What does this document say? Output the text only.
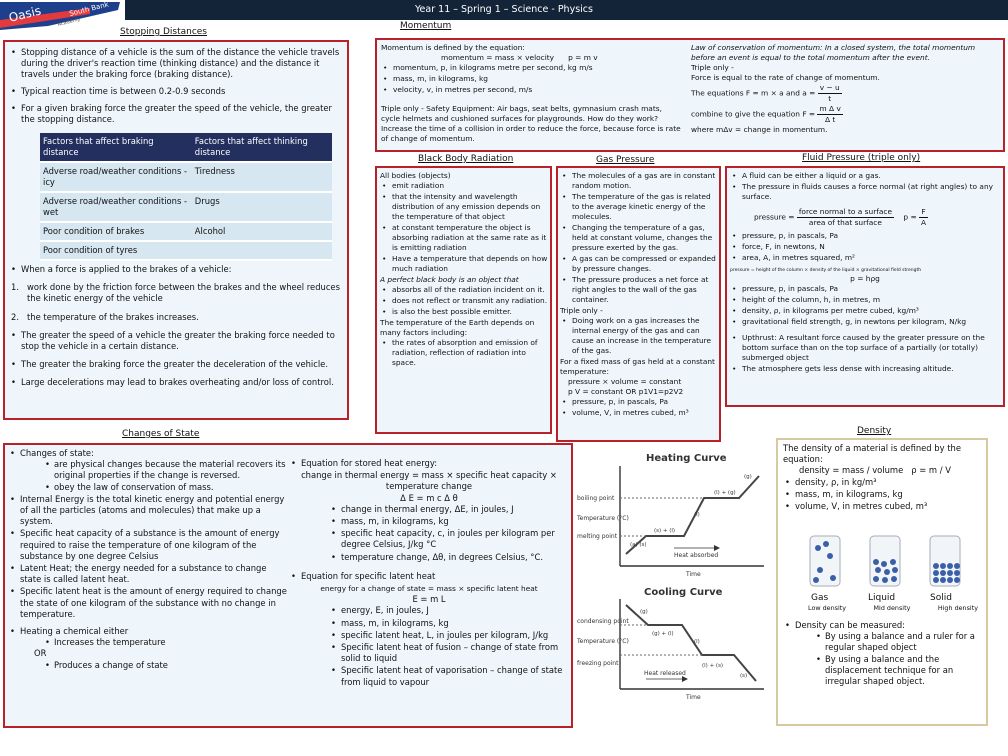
Year 11 – Spring 1 – Science - Physics
Oasis	South Bank
Academy
Stopping Distances
• Stopping distance of a vehicle is the sum of the distance the vehicle travels during the driver's reaction time (thinking distance) and the distance it travels under the braking force (braking distance).
• Typical reaction time is between 0.2-0.9 seconds
• For a given braking force the greater the speed of the vehicle, the greater the stopping distance.
Factors that affect braking distance	Factors that affect thinking distance
Adverse road/weather conditions - icy	Tiredness
Adverse road/weather conditions - wet	Drugs
Poor condition of brakes	Alcohol
Poor condition of tyres	
• When a force is applied to the brakes of a vehicle:
1. work done by the friction force between the brakes and the wheel reduces the kinetic energy of the vehicle
2. the temperature of the brakes increases.
• The greater the speed of a vehicle the greater the braking force needed to stop the vehicle in a certain distance.
• The greater the braking force the greater the deceleration of the vehicle.
• Large decelerations may lead to brakes overheating and/or loss of control.
Momentum
Momentum is defined by the equation:
momentum = mass × velocity p = m v
• momentum, p, in kilograms metre per second, kg m/s
• mass, m, in kilograms, kg
• velocity, v, in metres per second, m/s
Triple only - Safety Equipment: Air bags, seat belts, gymnasium crash mats, cycle helmets and cushioned surfaces for playgrounds. How do they work? Increase the time of a collision in order to reduce the force, because force is rate of change of momentum.
Law of conservation of momentum: In a closed system, the total momentum before an event is equal to the total momentum after the event.
Triple only -
Force is equal to the rate of change of momentum.
The equations F = m × a and $a = \frac{v - u}{t}$
combine to give the equation $F = \frac{\text{m Δ v}}{\text{Δ t}}$
where mΔv = change in momentum.
Black Body Radiation
All bodies (objects)
• emit radiation
• that the intensity and wavelength distribution of any emission depends on the temperature of that object
• at constant temperature the object is absorbing radiation at the same rate as it is emitting radiation
• Have a temperature that depends on how much radiation
A perfect black body is an object that
• absorbs all of the radiation incident on it.
• does not reflect or transmit any radiation.
• is also the best possible emitter.
The temperature of the Earth depends on many factors including:
• the rates of absorption and emission of radiation, reflection of radiation into space.
Gas Pressure
• The molecules of a gas are in constant random motion.
• The temperature of the gas is related to the average kinetic energy of the molecules.
• Changing the temperature of a gas, held at constant volume, changes the pressure exerted by the gas.
• A gas can be compressed or expanded by pressure changes.
• The pressure produces a net force at right angles to the wall of the gas container.
Triple only -
• Doing work on a gas increases the internal energy of the gas and can cause an increase in the temperature of the gas.
For a fixed mass of gas held at a constant temperature:
pressure × volume = constant
p V = constant OR p1V1=p2V2
• pressure, p, in pascals, Pa
• volume, V, in metres cubed, m³
Fluid Pressure (triple only)
• A fluid can be either a liquid or a gas.
• The pressure in fluids causes a force normal (at right angles) to any surface.
pressure = $\frac{\text{force normal to a surface}}{\text{area of that surface}}$ $p = \frac{F}{A}$
• pressure, p, in pascals, Pa
• force, F, in newtons, N
• area, A, in metres squared, m²
pressure = height of the column × density of the liquid × gravitational field strength
p = hρg
• pressure, p, in pascals, Pa
• height of the column, h, in metres, m
• density, ρ, in kilograms per metre cubed, kg/m³
• gravitational field strength, g, in newtons per kilogram, N/kg
• Upthrust: A resultant force caused by the greater pressure on the bottom surface than on the top surface of a partially (or totally) submerged object
• The atmosphere gets less dense with increasing altitude.
Changes of State
• Changes of state:
• are physical changes because the material recovers its original properties if the change is reversed.
• obey the law of conservation of mass.
• Internal Energy is the total kinetic energy and potential energy of all the particles (atoms and molecules) that make up a system.
• Specific heat capacity of a substance is the amount of energy required to raise the temperature of one kilogram of the substance by one degree Celsius
• Latent Heat; the energy needed for a substance to change state is called latent heat.
• Specific latent heat is the amount of energy required to change the state of one kilogram of the substance with no change in temperature.
• Heating a chemical either
• Increases the temperature
OR
• Produces a change of state
• Equation for stored heat energy:
change in thermal energy = mass × specific heat capacity × temperature change
Δ E = m c Δ θ
• change in thermal energy, ΔE, in joules, J
• mass, m, in kilograms, kg
• specific heat capacity, c, in joules per kilogram per degree Celsius, J/kg °C
• temperature change, Δθ, in degrees Celsius, °C.
• Equation for specific latent heat
energy for a change of state = mass × specific latent heat
E = m L
• energy, E, in joules, J
• mass, m, in kilograms, kg
• specific latent heat, L, in joules per kilogram, J/kg
• Specific latent heat of fusion – change of state from solid to liquid
• Specific latent heat of vaporisation – change of state from liquid to vapour
Heating Curve
boiling point
melting point
Temperature (°C)
(a) (s)
(s) + (l)
(l)
(l) + (g)
(g)
Heat absorbed
Time
Cooling Curve
condensing point
Temperature (°C)
freezing point
(g)
(g) + (l)
(l)
(l) + (s)
(s)
Heat released
Time
Density
The density of a material is defined by the equation:
density = mass / volume ρ = m / V
• density, ρ, in kg/m³
• mass, m, in kilograms, kg
• volume, V, in metres cubed, m³
Gas	Liquid	Solid
Low density	Mid density	High density
• Density can be measured:
• By using a balance and a ruler for a regular shaped object
• By using a balance and the displacement technique for an irregular shaped object.
